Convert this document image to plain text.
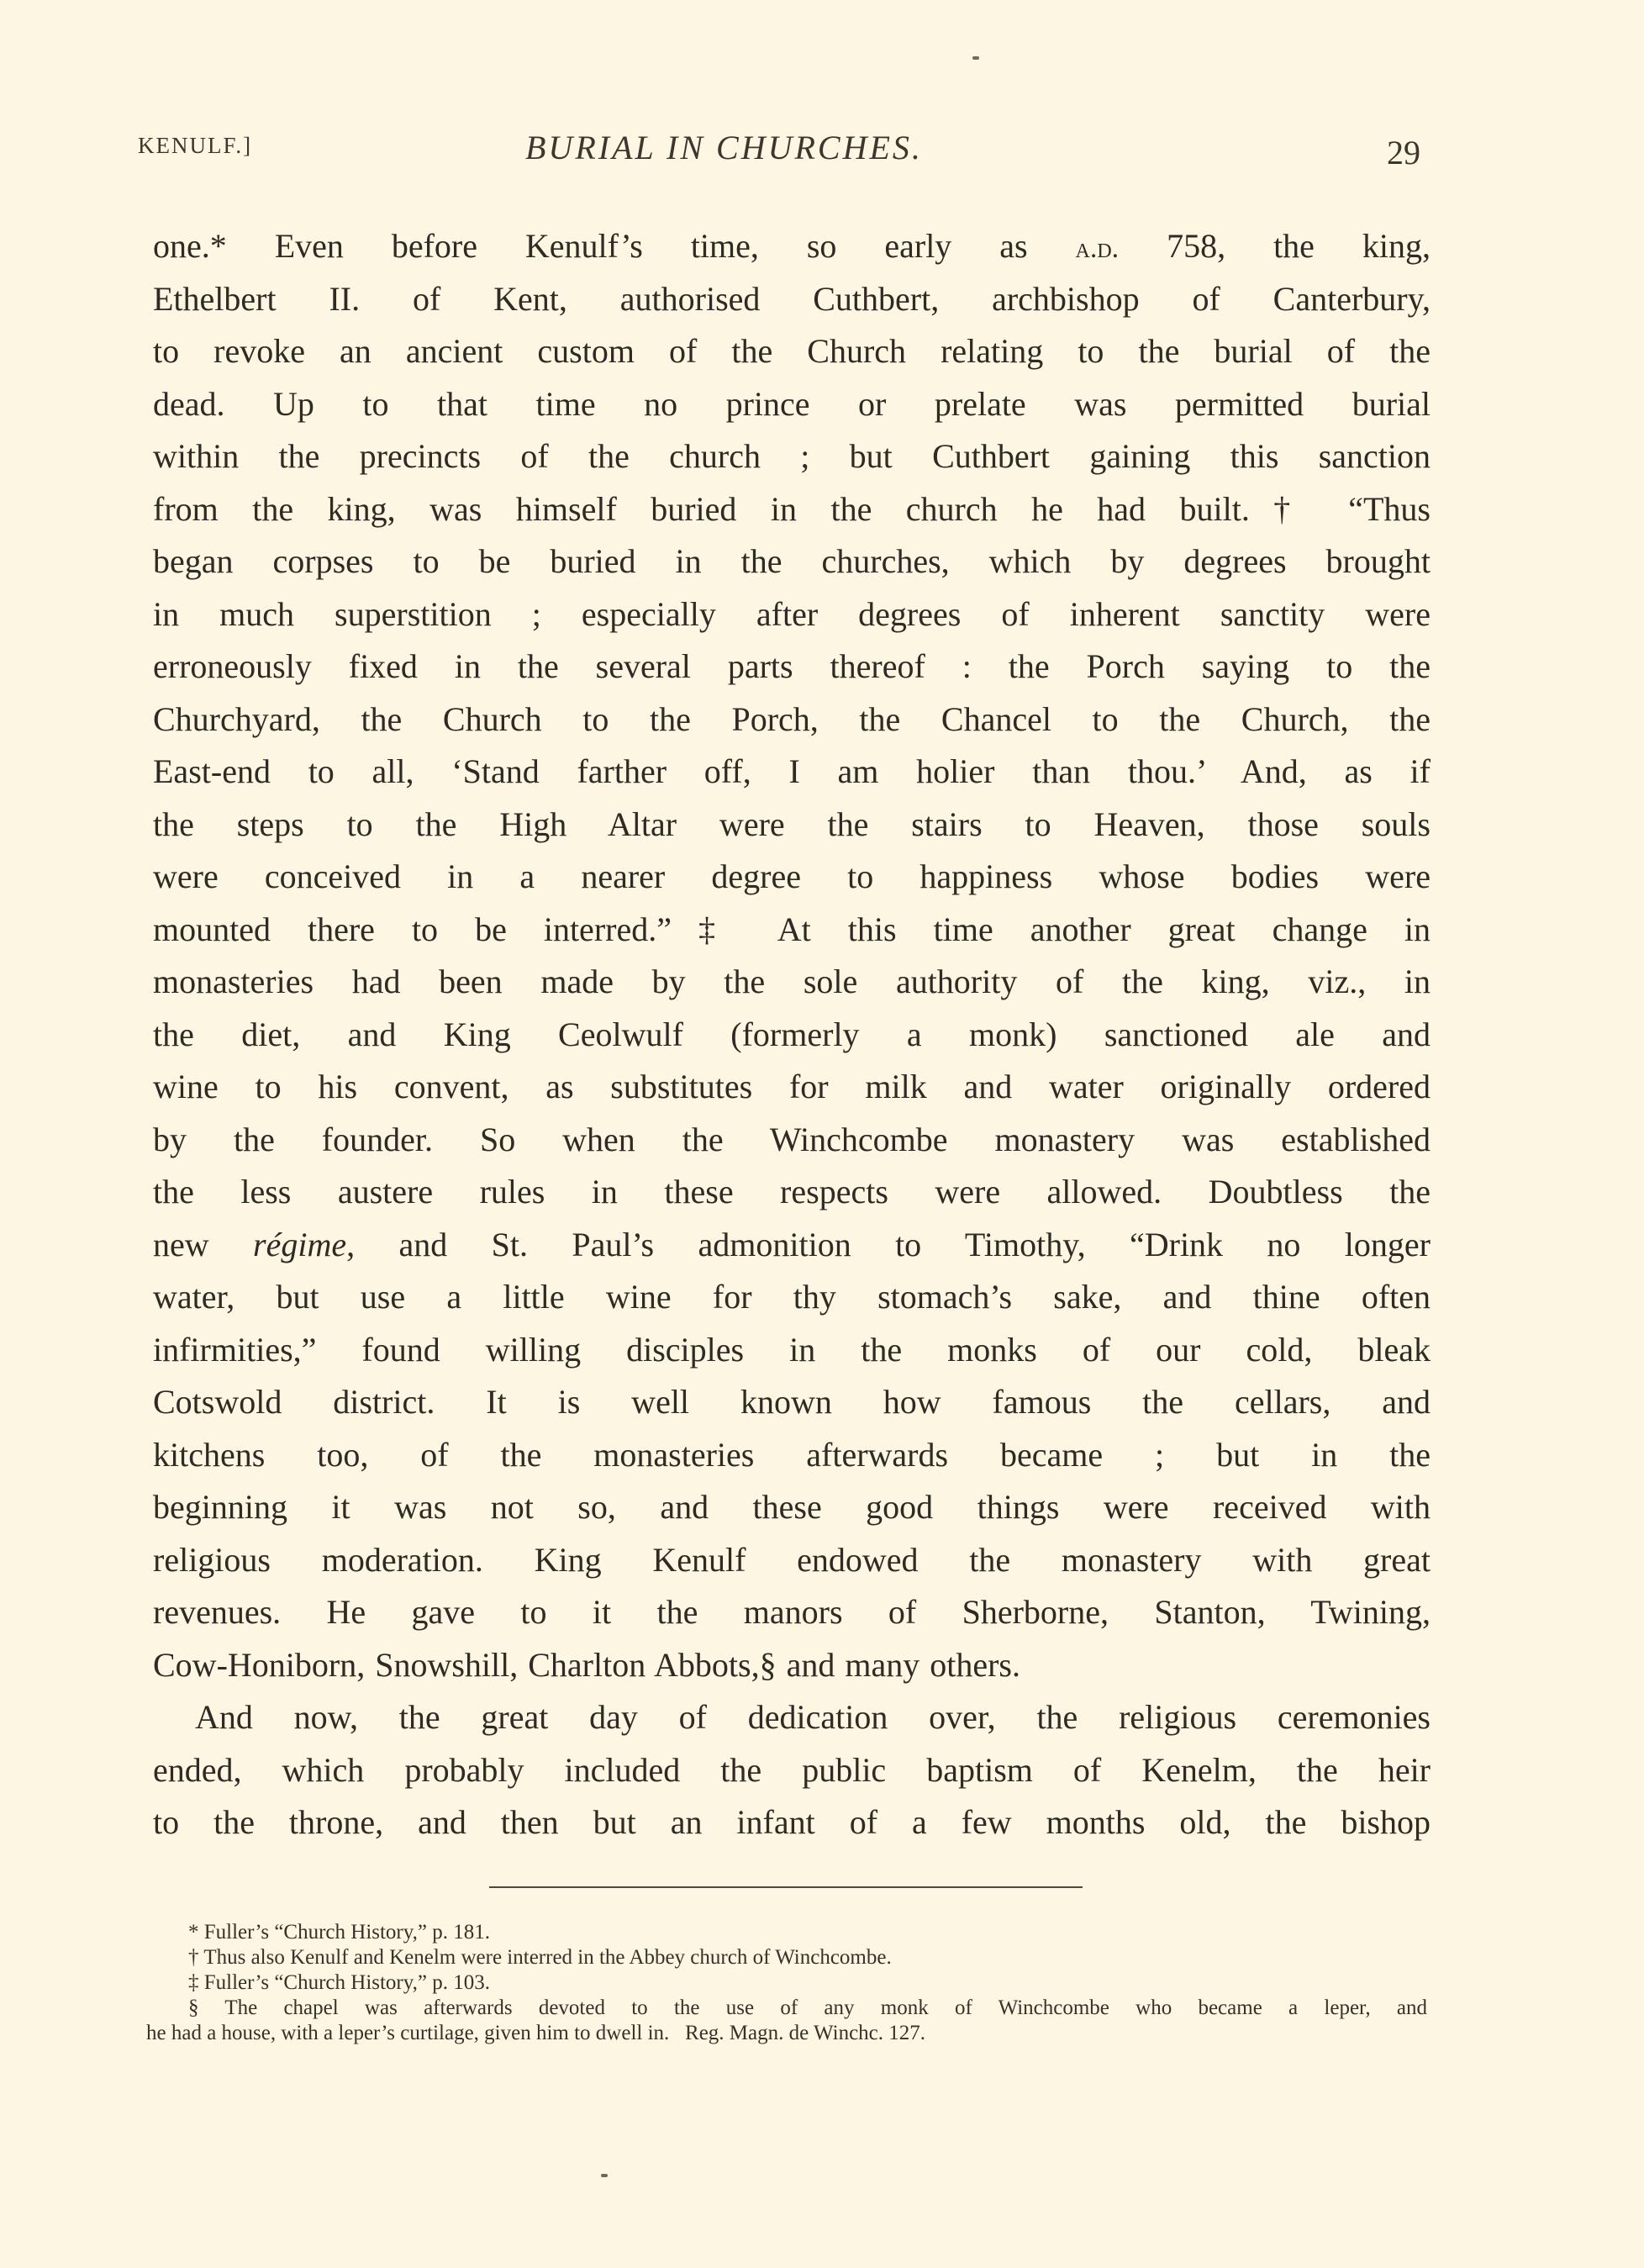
KENULF.]	BURIAL IN CHURCHES.	29
one.* Even before Kenulf’s time, so early as a.d. 758, the king,
Ethelbert II. of Kent, authorised Cuthbert, archbishop of Canterbury,
to revoke an ancient custom of the Church relating to the burial of the
dead. Up to that time no prince or prelate was permitted burial
within the precincts of the church ; but Cuthbert gaining this sanction
from the king, was himself buried in the church he had built.† “Thus
began corpses to be buried in the churches, which by degrees brought
in much superstition ; especially after degrees of inherent sanctity were
erroneously fixed in the several parts thereof : the Porch saying to the
Churchyard, the Church to the Porch, the Chancel to the Church, the
East-end to all, ‘Stand farther off, I am holier than thou.’ And, as if
the steps to the High Altar were the stairs to Heaven, those souls
were conceived in a nearer degree to happiness whose bodies were
mounted there to be interred.”‡ At this time another great change in
monasteries had been made by the sole authority of the king, viz., in
the diet, and King Ceolwulf (formerly a monk) sanctioned ale and
wine to his convent, as substitutes for milk and water originally ordered
by the founder. So when the Winchcombe monastery was established
the less austere rules in these respects were allowed. Doubtless the
new régime, and St. Paul’s admonition to Timothy, “Drink no longer
water, but use a little wine for thy stomach’s sake, and thine often
infirmities,” found willing disciples in the monks of our cold, bleak
Cotswold district. It is well known how famous the cellars, and
kitchens too, of the monasteries afterwards became ; but in the
beginning it was not so, and these good things were received with
religious moderation. King Kenulf endowed the monastery with great
revenues. He gave to it the manors of Sherborne, Stanton, Twining,
Cow-Honiborn, Snowshill, Charlton Abbots,§ and many others.
And now, the great day of dedication over, the religious ceremonies
ended, which probably included the public baptism of Kenelm, the heir
to the throne, and then but an infant of a few months old, the bishop
* Fuller’s “Church History,” p. 181.
† Thus also Kenulf and Kenelm were interred in the Abbey church of Winchcombe.
‡ Fuller’s “Church History,” p. 103.
§ The chapel was afterwards devoted to the use of any monk of Winchcombe who became a leper, and
he had a house, with a leper’s curtilage, given him to dwell in.   Reg. Magn. de Winchc. 127.
